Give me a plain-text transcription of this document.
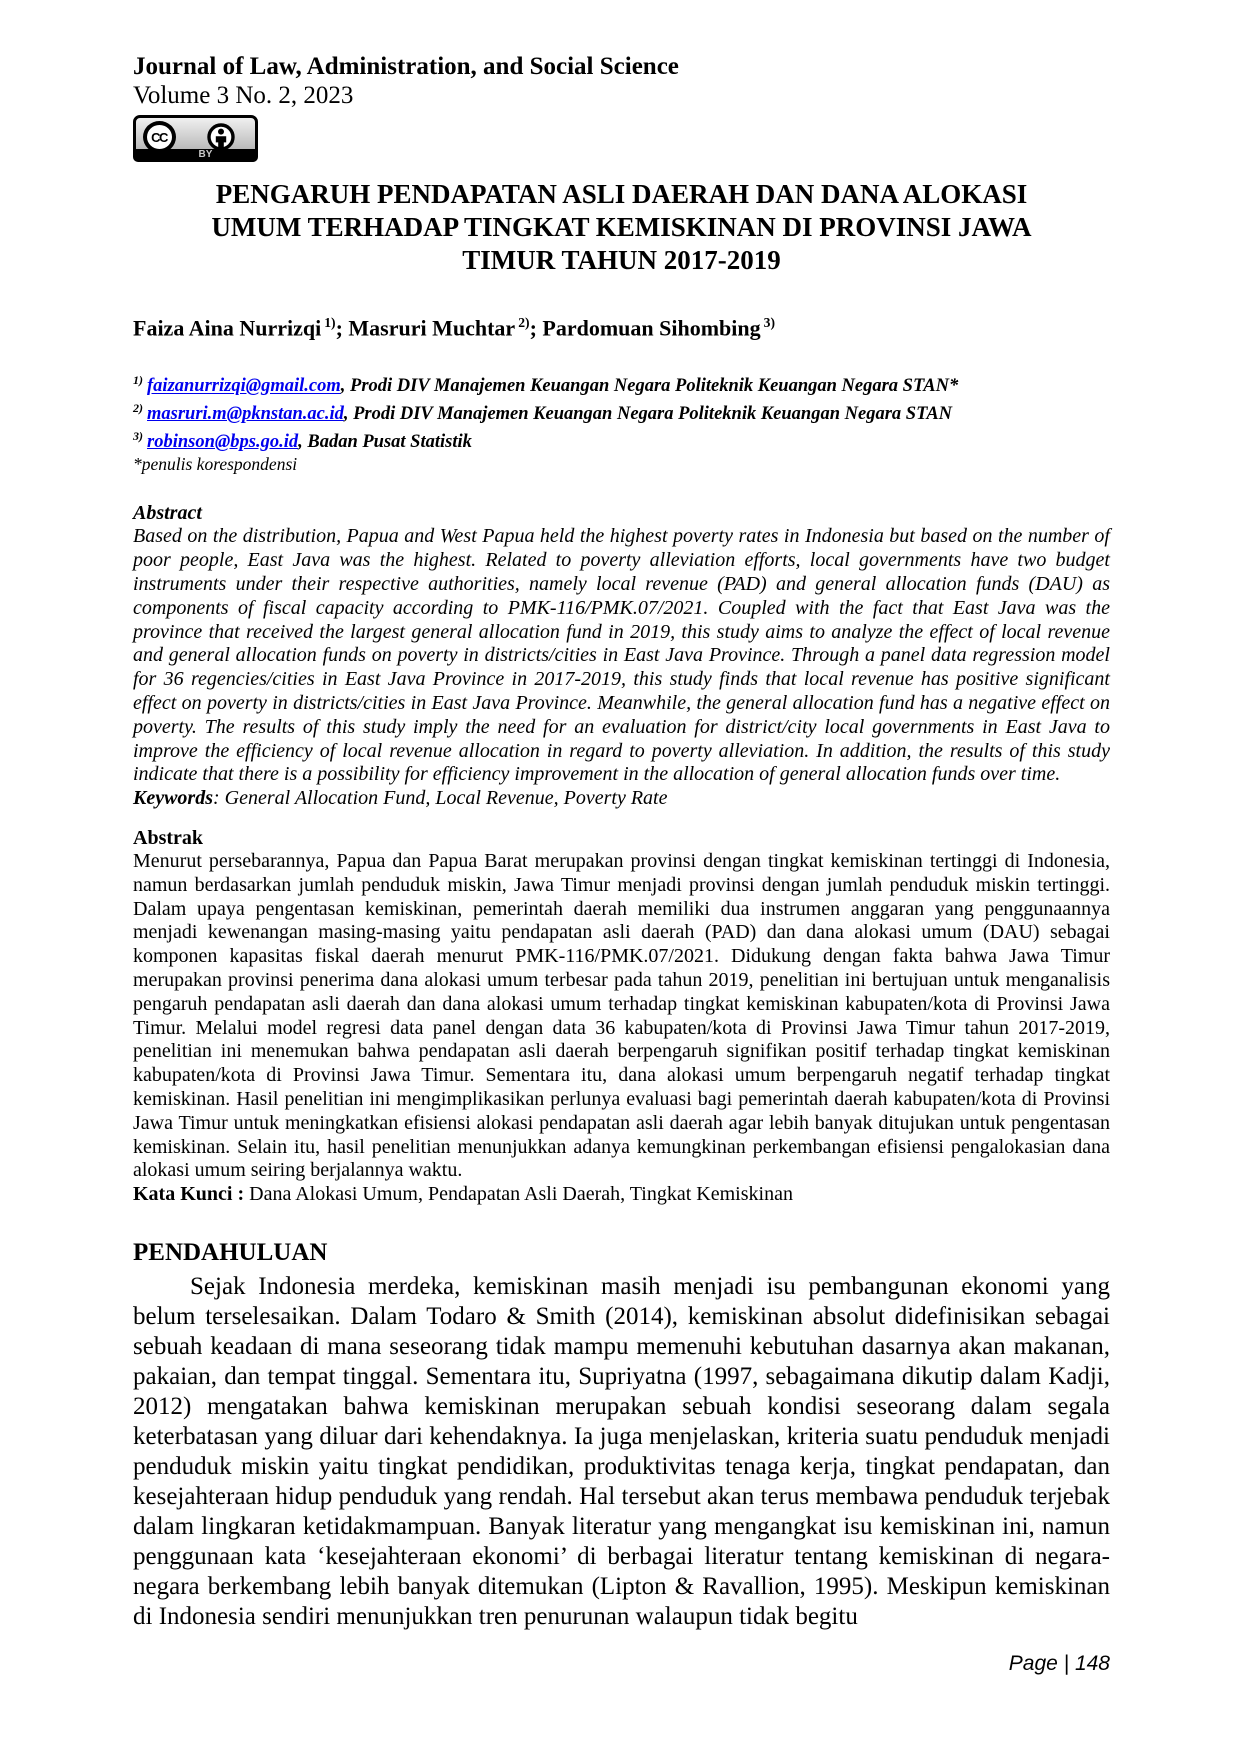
Journal of Law, Administration, and Social Science
Volume 3 No. 2, 2023
CC
BY
PENGARUH PENDAPATAN ASLI DAERAH DAN DANA ALOKASI UMUM TERHADAP TINGKAT KEMISKINAN DI PROVINSI JAWA TIMUR TAHUN 2017-2019

Faiza Aina Nurrizqi $^{1)}$; Masruri Muchtar $^{2)}$; Pardomuan Sihombing $^{3)}$

$^{1)}$ faizanurrizqi@gmail.com, Prodi DIV Manajemen Keuangan Negara Politeknik Keuangan Negara STAN*

$^{2)}$ masruri.m@pknstan.ac.id, Prodi DIV Manajemen Keuangan Negara Politeknik Keuangan Negara STAN

$^{3)}$ robinson@bps.go.id, Badan Pusat Statistik

*penulis korespondensi

Abstract

Based on the distribution, Papua and West Papua held the highest poverty rates in Indonesia but based on the number of poor people, East Java was the highest. Related to poverty alleviation efforts, local governments have two budget instruments under their respective authorities, namely local revenue (PAD) and general allocation funds (DAU) as components of fiscal capacity according to PMK-116/PMK.07/2021. Coupled with the fact that East Java was the province that received the largest general allocation fund in 2019, this study aims to analyze the effect of local revenue and general allocation funds on poverty in districts/cities in East Java Province. Through a panel data regression model for 36 regencies/cities in East Java Province in 2017-2019, this study finds that local revenue has positive significant effect on poverty in districts/cities in East Java Province. Meanwhile, the general allocation fund has a negative effect on poverty. The results of this study imply the need for an evaluation for district/city local governments in East Java to improve the efficiency of local revenue allocation in regard to poverty alleviation. In addition, the results of this study indicate that there is a possibility for efficiency improvement in the allocation of general allocation funds over time.

Keywords: General Allocation Fund, Local Revenue, Poverty Rate

Abstrak

Menurut persebarannya, Papua dan Papua Barat merupakan provinsi dengan tingkat kemiskinan tertinggi di Indonesia, namun berdasarkan jumlah penduduk miskin, Jawa Timur menjadi provinsi dengan jumlah penduduk miskin tertinggi. Dalam upaya pengentasan kemiskinan, pemerintah daerah memiliki dua instrumen anggaran yang penggunaannya menjadi kewenangan masing-masing yaitu pendapatan asli daerah (PAD) dan dana alokasi umum (DAU) sebagai komponen kapasitas fiskal daerah menurut PMK-116/PMK.07/2021. Didukung dengan fakta bahwa Jawa Timur merupakan provinsi penerima dana alokasi umum terbesar pada tahun 2019, penelitian ini bertujuan untuk menganalisis pengaruh pendapatan asli daerah dan dana alokasi umum terhadap tingkat kemiskinan kabupaten/kota di Provinsi Jawa Timur. Melalui model regresi data panel dengan data 36 kabupaten/kota di Provinsi Jawa Timur tahun 2017-2019, penelitian ini menemukan bahwa pendapatan asli daerah berpengaruh signifikan positif terhadap tingkat kemiskinan kabupaten/kota di Provinsi Jawa Timur. Sementara itu, dana alokasi umum berpengaruh negatif terhadap tingkat kemiskinan. Hasil penelitian ini mengimplikasikan perlunya evaluasi bagi pemerintah daerah kabupaten/kota di Provinsi Jawa Timur untuk meningkatkan efisiensi alokasi pendapatan asli daerah agar lebih banyak ditujukan untuk pengentasan kemiskinan. Selain itu, hasil penelitian menunjukkan adanya kemungkinan perkembangan efisiensi pengalokasian dana alokasi umum seiring berjalannya waktu.

Kata Kunci : Dana Alokasi Umum, Pendapatan Asli Daerah, Tingkat Kemiskinan

PENDAHULUAN

Sejak Indonesia merdeka, kemiskinan masih menjadi isu pembangunan ekonomi yang belum terselesaikan. Dalam Todaro & Smith (2014), kemiskinan absolut didefinisikan sebagai sebuah keadaan di mana seseorang tidak mampu memenuhi kebutuhan dasarnya akan makanan, pakaian, dan tempat tinggal. Sementara itu, Supriyatna (1997, sebagaimana dikutip dalam Kadji, 2012) mengatakan bahwa kemiskinan merupakan sebuah kondisi seseorang dalam segala keterbatasan yang diluar dari kehendaknya. Ia juga menjelaskan, kriteria suatu penduduk menjadi penduduk miskin yaitu tingkat pendidikan, produktivitas tenaga kerja, tingkat pendapatan, dan kesejahteraan hidup penduduk yang rendah. Hal tersebut akan terus membawa penduduk terjebak dalam lingkaran ketidakmampuan. Banyak literatur yang mengangkat isu kemiskinan ini, namun penggunaan kata ‘kesejahteraan ekonomi’ di berbagai literatur tentang kemiskinan di negara- negara berkembang lebih banyak ditemukan (Lipton & Ravallion, 1995). Meskipun kemiskinan di Indonesia sendiri menunjukkan tren penurunan walaupun tidak begitu

Page | 148
